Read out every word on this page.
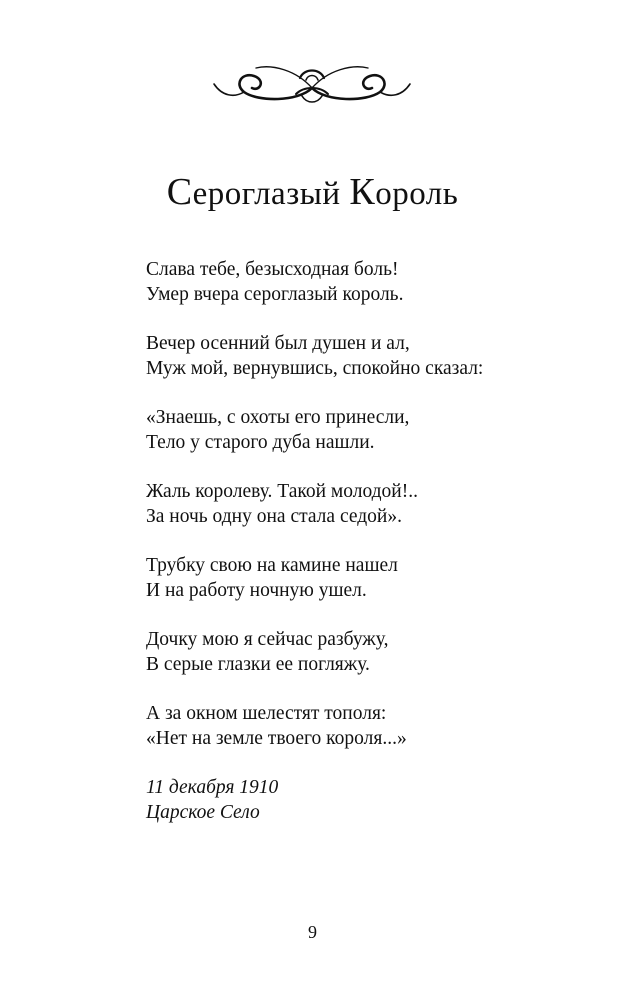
Сероглазый Король
Слава тебе, безысходная боль!
Умер вчера сероглазый король.
Вечер осенний был душен и ал,
Муж мой, вернувшись, спокойно сказал:
«Знаешь, с охоты его принесли,
Тело у старого дуба нашли.
Жаль королеву. Такой молодой!..
За ночь одну она стала седой».
Трубку свою на камине нашел
И на работу ночную ушел.
Дочку мою я сейчас разбужу,
В серые глазки ее погляжу.
А за окном шелестят тополя:
«Нет на земле твоего короля...»
11 декабря 1910
Царское Село
9
